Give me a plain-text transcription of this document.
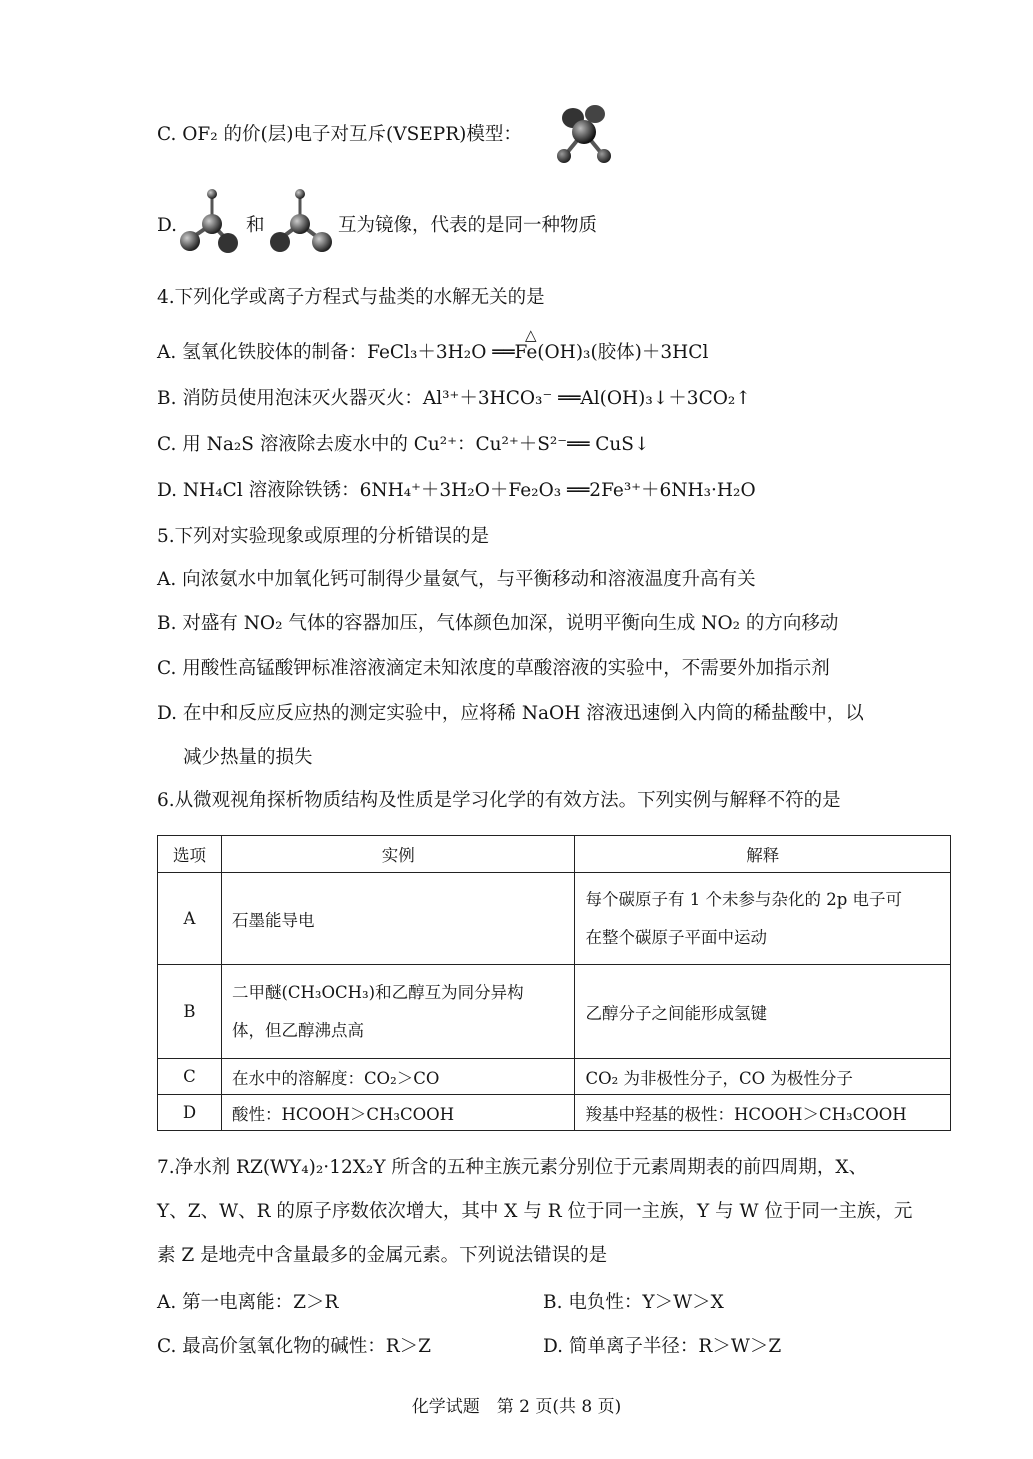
C. OF₂ 的价(层)电子对互斥(VSEPR)模型：
D.	和	互为镜像，代表的是同一种物质
4.下列化学或离子方程式与盐类的水解无关的是
△
A. 氢氧化铁胶体的制备：FeCl₃＋3H₂O ══Fe(OH)₃(胶体)＋3HCl
B. 消防员使用泡沫灭火器灭火：Al³⁺＋3HCO₃⁻ ══Al(OH)₃↓＋3CO₂↑
C. 用 Na₂S 溶液除去废水中的 Cu²⁺：Cu²⁺＋S²⁻══ CuS↓
D. NH₄Cl 溶液除铁锈：6NH₄⁺＋3H₂O＋Fe₂O₃ ══2Fe³⁺＋6NH₃·H₂O
5.下列对实验现象或原理的分析错误的是
A. 向浓氨水中加氧化钙可制得少量氨气，与平衡移动和溶液温度升高有关
B. 对盛有 NO₂ 气体的容器加压，气体颜色加深，说明平衡向生成 NO₂ 的方向移动
C. 用酸性高锰酸钾标准溶液滴定未知浓度的草酸溶液的实验中，不需要外加指示剂
D. 在中和反应反应热的测定实验中，应将稀 NaOH 溶液迅速倒入内筒的稀盐酸中，以
减少热量的损失
6.从微观视角探析物质结构及性质是学习化学的有效方法。下列实例与解释不符的是
选项	实例	解释
A	石墨能导电	每个碳原子有 1 个未参与杂化的 2p 电子可
在整个碳原子平面中运动

B	二甲醚(CH₃OCH₃)和乙醇互为同分异构
体，但乙醇沸点高	乙醇分子之间能形成氢键
C	在水中的溶解度：CO₂＞CO	CO₂ 为非极性分子，CO 为极性分子
D	酸性：HCOOH＞CH₃COOH	羧基中羟基的极性：HCOOH＞CH₃COOH
7.净水剂 RZ(WY₄)₂·12X₂Y 所含的五种主族元素分别位于元素周期表的前四周期，X、
Y、Z、W、R 的原子序数依次增大，其中 X 与 R 位于同一主族，Y 与 W 位于同一主族，元
素 Z 是地壳中含量最多的金属元素。下列说法错误的是
A. 第一电离能：Z＞R	B. 电负性：Y＞W＞X
C. 最高价氢氧化物的碱性：R＞Z	D. 简单离子半径：R＞W＞Z
化学试题　第 2 页(共 8 页)
